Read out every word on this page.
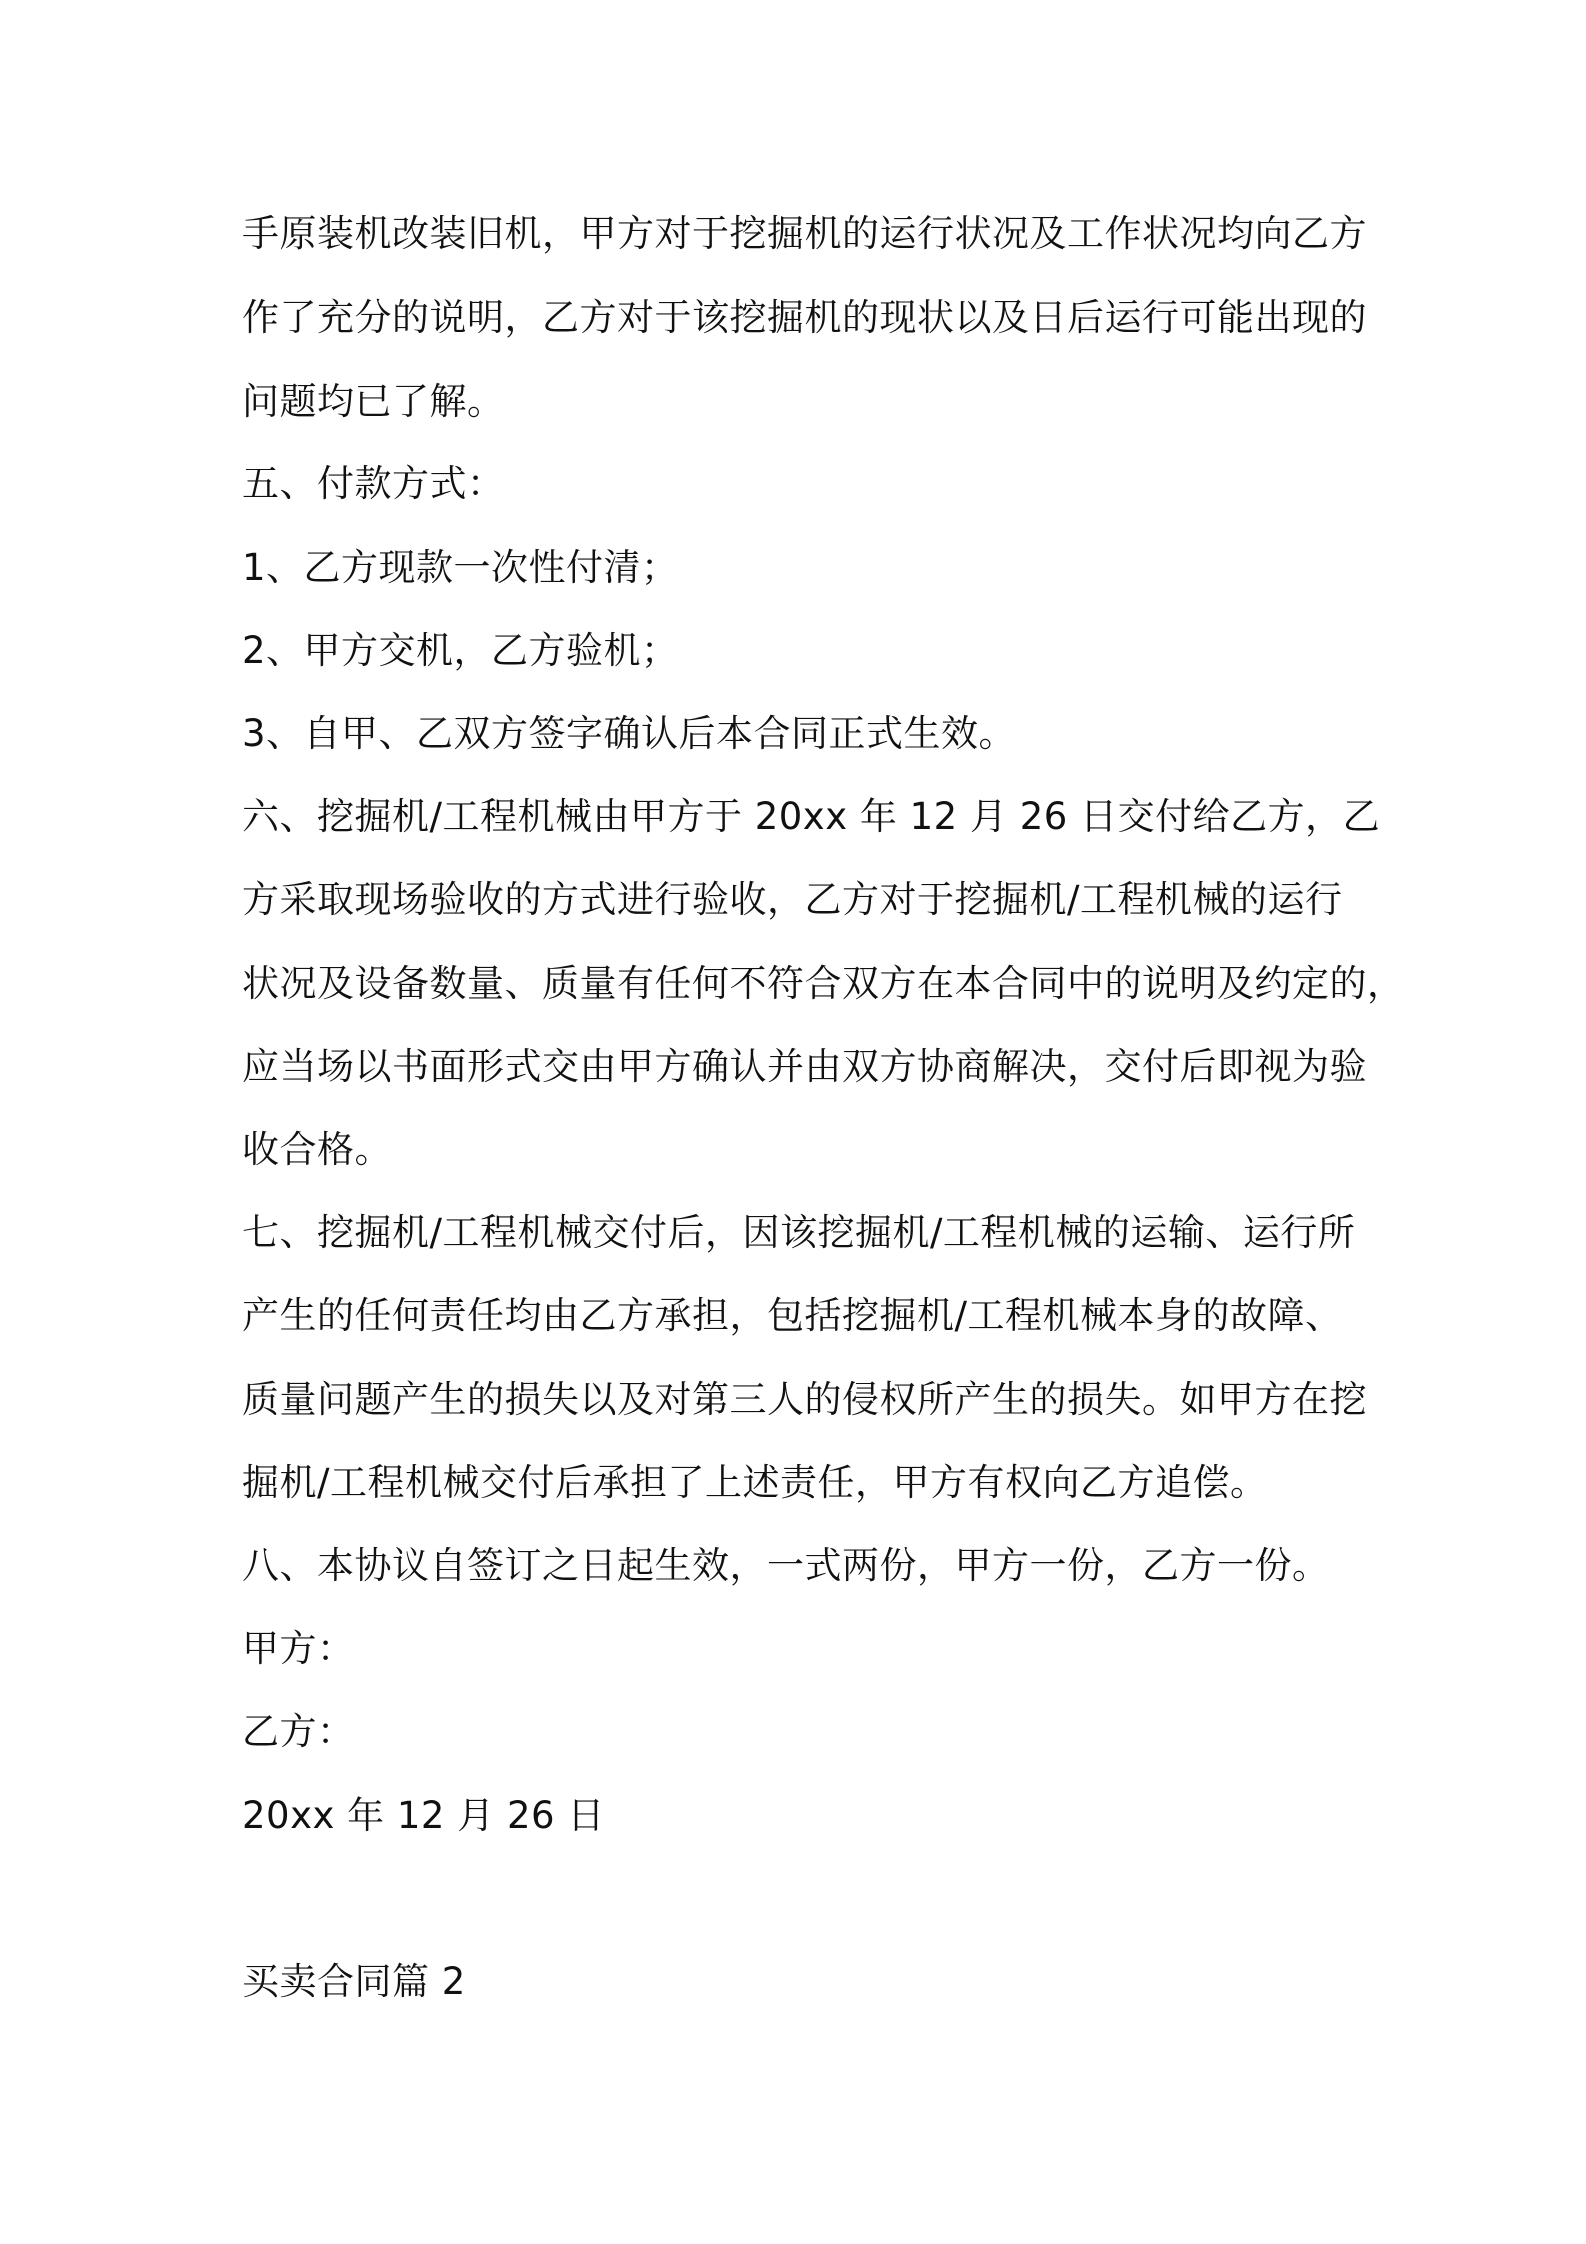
手原装机改装旧机，甲方对于挖掘机的运行状况及工作状况均向乙方
作了充分的说明，乙方对于该挖掘机的现状以及日后运行可能出现的
问题均已了解。
五、付款方式：
1、乙方现款一次性付清；
2、甲方交机，乙方验机；
3、自甲、乙双方签字确认后本合同正式生效。
六、挖掘机/工程机械由甲方于 20xx 年 12 月 26 日交付给乙方，乙
方采取现场验收的方式进行验收，乙方对于挖掘机/工程机械的运行
状况及设备数量、质量有任何不符合双方在本合同中的说明及约定的，
应当场以书面形式交由甲方确认并由双方协商解决，交付后即视为验
收合格。
七、挖掘机/工程机械交付后，因该挖掘机/工程机械的运输、运行所
产生的任何责任均由乙方承担，包括挖掘机/工程机械本身的故障、
质量问题产生的损失以及对第三人的侵权所产生的损失。如甲方在挖
掘机/工程机械交付后承担了上述责任，甲方有权向乙方追偿。
八、本协议自签订之日起生效，一式两份，甲方一份，乙方一份。
甲方：
乙方：
20xx 年 12 月 26 日
买卖合同篇 2
